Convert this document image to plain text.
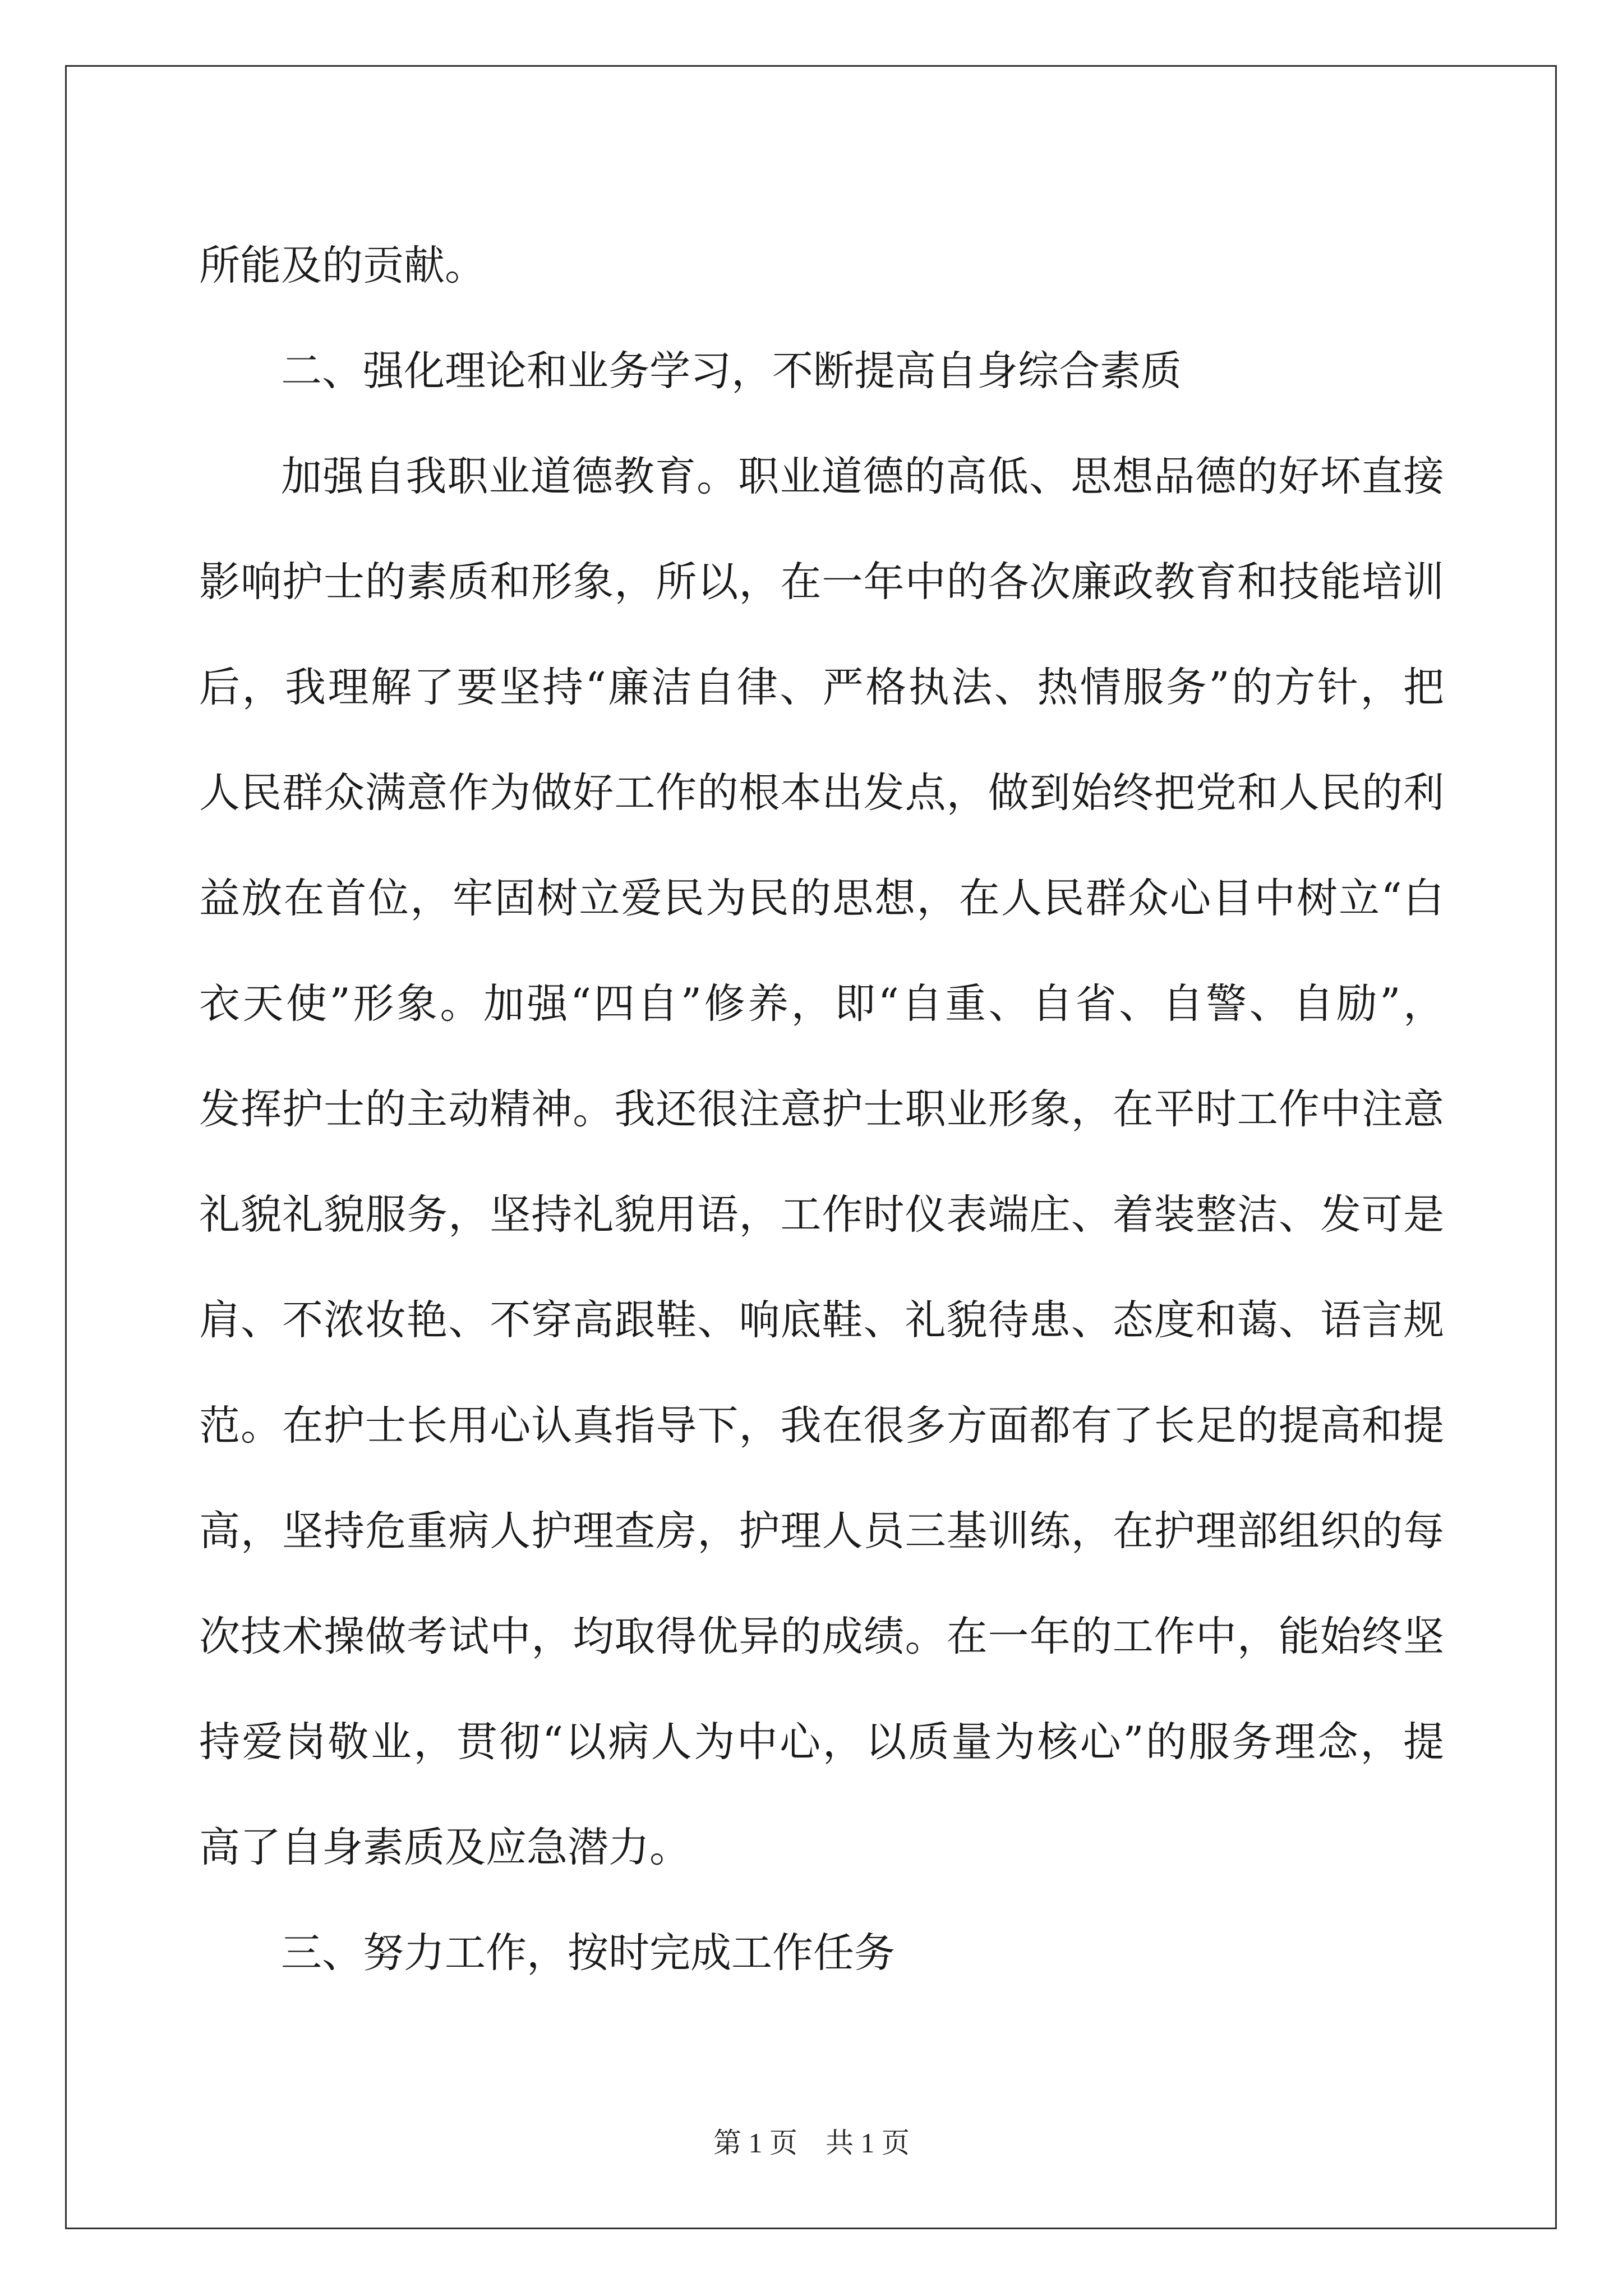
所能及的贡献。

二、强化理论和业务学习，不断提高自身综合素质

加强自我职业道德教育。职业道德的高低、思想品德的好坏直接

影响护士的素质和形象，所以，在一年中的各次廉政教育和技能培训

后，我理解了要坚持“廉洁自律、严格执法、热情服务”的方针，把

人民群众满意作为做好工作的根本出发点，做到始终把党和人民的利

益放在首位，牢固树立爱民为民的思想，在人民群众心目中树立“白

衣天使”形象。加强“四自”修养，即“自重、自省、自警、自励”，

发挥护士的主动精神。我还很注意护士职业形象，在平时工作中注意

礼貌礼貌服务，坚持礼貌用语，工作时仪表端庄、着装整洁、发可是

肩、不浓妆艳、不穿高跟鞋、响底鞋、礼貌待患、态度和蔼、语言规

范。在护士长用心认真指导下，我在很多方面都有了长足的提高和提

高，坚持危重病人护理查房，护理人员三基训练，在护理部组织的每

次技术操做考试中，均取得优异的成绩。在一年的工作中，能始终坚

持爱岗敬业，贯彻“以病人为中心，以质量为核心”的服务理念，提

高了自身素质及应急潜力。

三、努力工作，按时完成工作任务

第 1 页    共 1 页
